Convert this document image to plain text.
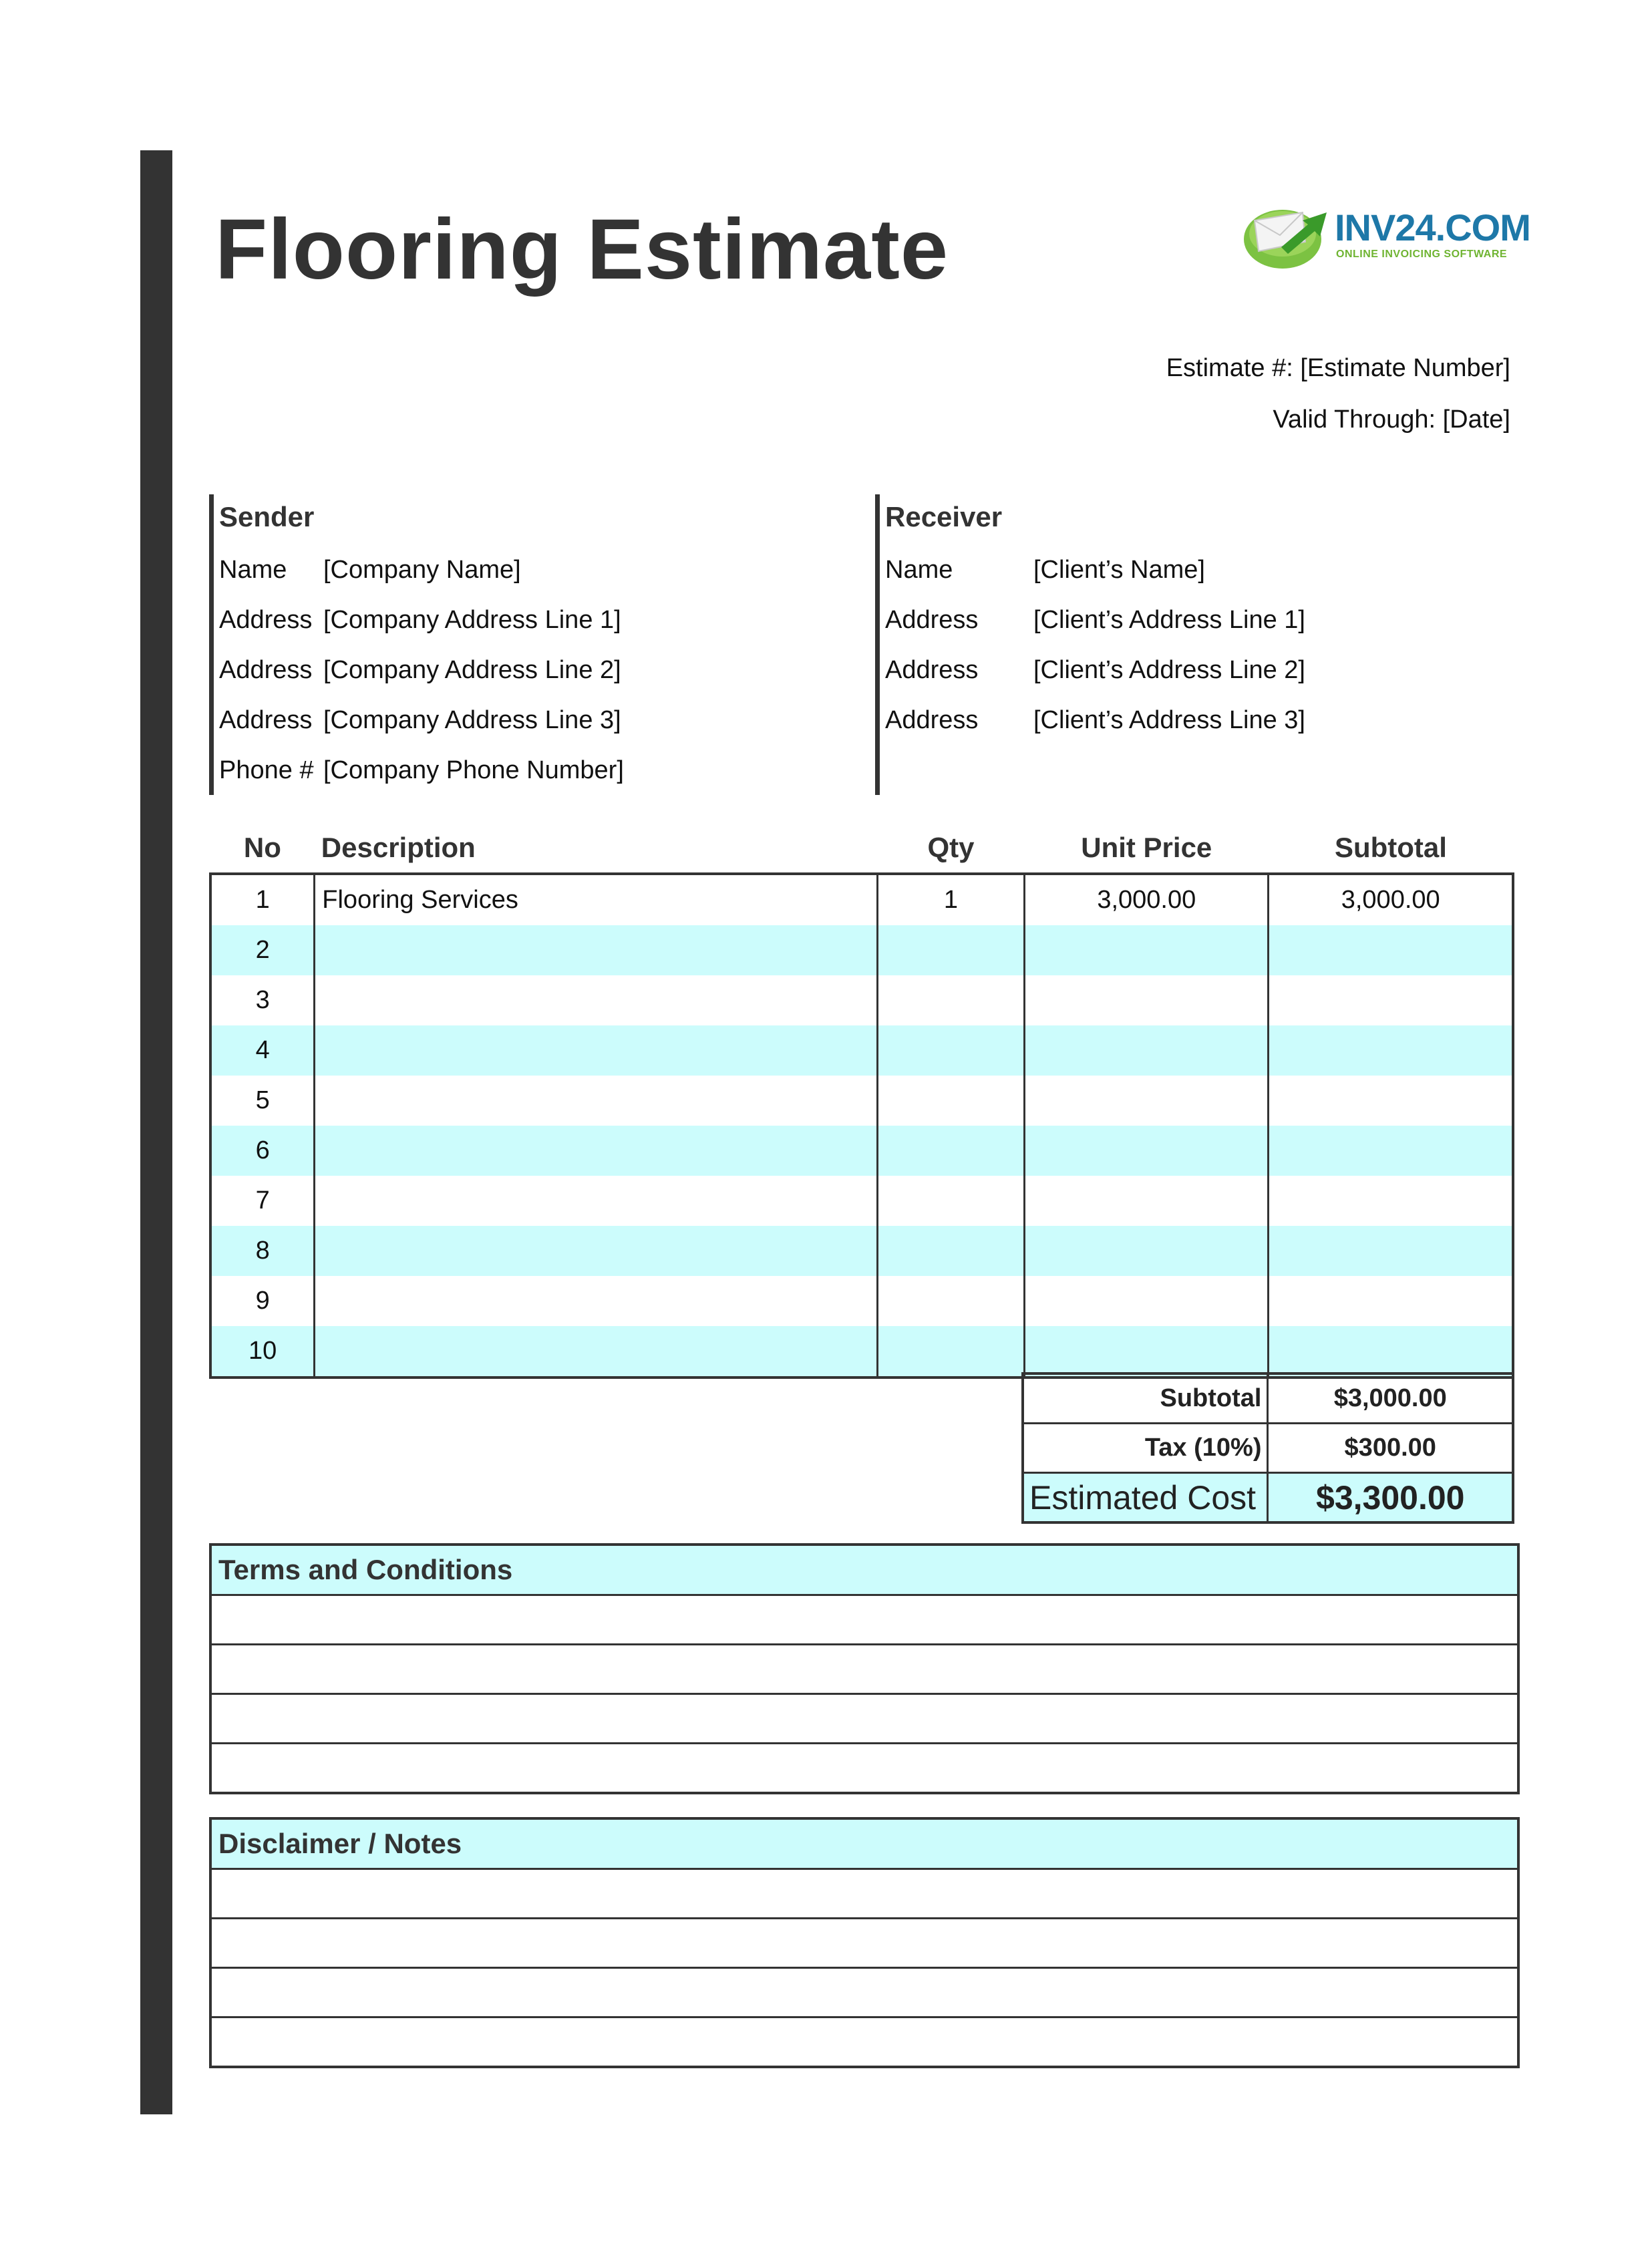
Flooring Estimate	INV24.COM
ONLINE INVOICING SOFTWARE
Estimate #: [Estimate Number]
Valid Through: [Date]
Sender
Name [Company Name]
Address [Company Address Line 1]
Address [Company Address Line 2]
Address [Company Address Line 3]
Phone # [Company Phone Number]
Receiver
Name	[Client’s Name]
Address [Client’s Address Line 1]
Address [Client’s Address Line 2]
Address [Client’s Address Line 3]
No	Description	Qty	Unit Price	Subtotal
1	Flooring Services	1	3,000.00	3,000.00
2				
3				
4				
5				
6				
7				
8				
9				
10				
Subtotal	$3,000.00
Tax (10%)	$300.00
Estimated Cost	$3,300.00
Terms and Conditions
Disclaimer / Notes
